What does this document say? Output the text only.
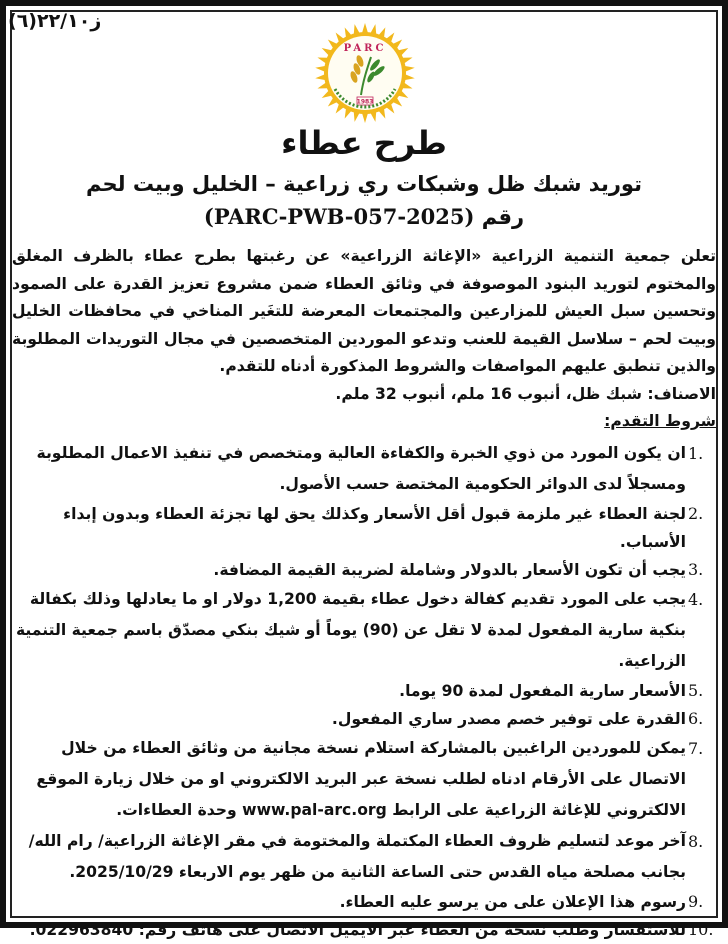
ز٢٢/١٠(٦)
PARC
1983
طرح عطاء
توريد شبك ظل وشبكات ري زراعية – الخليل وبيت لحم
رقم (PARC-PWB-057-2025)

تعلن جمعية التنمية الزراعية «الإغاثة الزراعية» عن رغبتها بطرح عطاء بالظرف المغلق والمختوم لتوريد البنود الموصوفة في وثائق العطاء ضمن مشروع تعزيز القدرة على الصمود وتحسين سبل العيش للمزارعين والمجتمعات المعرضة للتغَير المناخي في محافظات الخليل وبيت لحم – سلاسل القيمة للعنب وتدعو الموردين المتخصصين في مجال التوريدات المطلوبة والذين تنطبق عليهم المواصفات والشروط المذكورة أدناه للتقدم.

الاصناف: شبك ظل، أنبوب 16 ملم، أنبوب 32 ملم.

شروط التقدم:

1.
ان يكون المورد من ذوي الخبرة والكفاءة العالية ومتخصص في تنفيذ الاعمال المطلوبة ومسجلاً لدى الدوائر الحكومية المختصة حسب الأصول.
2.
لجنة العطاء غير ملزمة قبول أقل الأسعار وكذلك يحق لها تجزئة العطاء وبدون إبداء الأسباب.
3.
يجب أن تكون الأسعار بالدولار وشاملة لضريبة القيمة المضافة.
4.
يجب على المورد تقديم كفالة دخول عطاء بقيمة 1,200 دولار او ما يعادلها وذلك بكفالة بنكية سارية المفعول لمدة لا تقل عن (90) يوماً أو شيك بنكي مصدّق باسم جمعية التنمية الزراعية.
5.
الأسعار سارية المفعول لمدة 90 يوما.
6.
القدرة على توفير خصم مصدر ساري المفعول.
7.
يمكن للموردين الراغبين بالمشاركة استلام نسخة مجانية من وثائق العطاء من خلال الاتصال على الأرقام ادناه لطلب نسخة عبر البريد الالكتروني او من خلال زيارة الموقع الالكتروني للإغاثة الزراعية على الرابط www.pal-arc.org وحدة العطاءات.
8.
آخر موعد لتسليم ظروف العطاء المكتملة والمختومة في مقر الإغاثة الزراعية/ رام الله/ بجانب مصلحة مياه القدس حتى الساعة الثانية من ظهر يوم الاربعاء 2025/10/29.
9.
رسوم هذا الإعلان على من يرسو عليه العطاء.
10.
للاستفسار وطلب نسخة من العطاء عبر الايميل الاتصال على هاتف رقم: 022963840.
